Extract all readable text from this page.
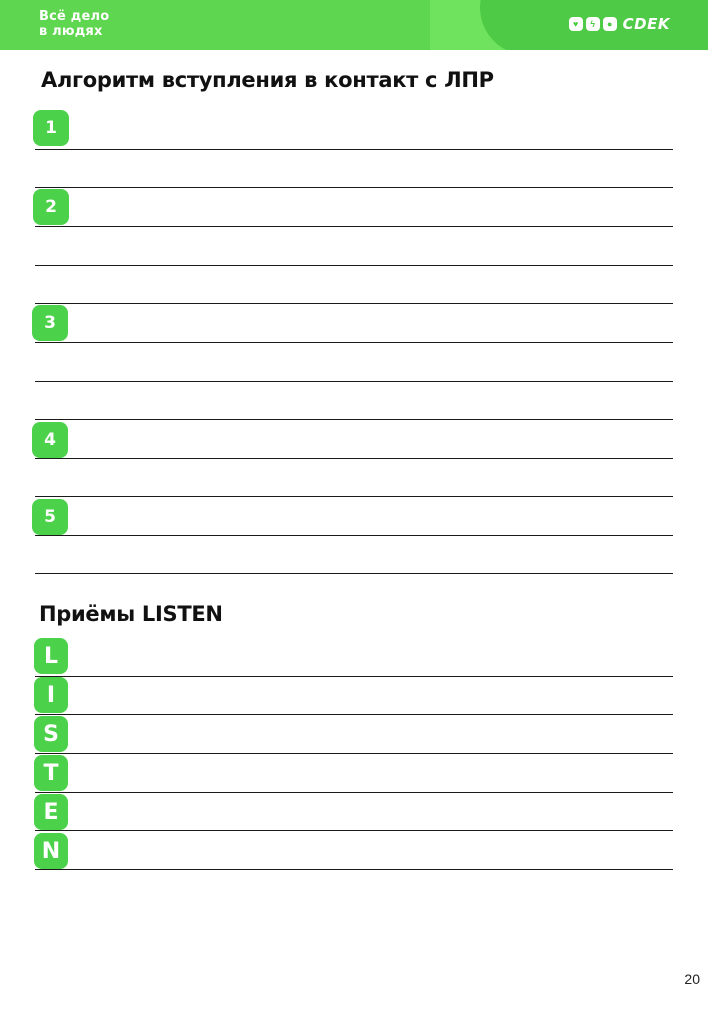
Всё дело
в людях
♥	ϟ	● CDEK
Алгоритм вступления в контакт с ЛПР
1
2
3
4
5
Приёмы LISTEN
L
I
S
T
E
N
20
